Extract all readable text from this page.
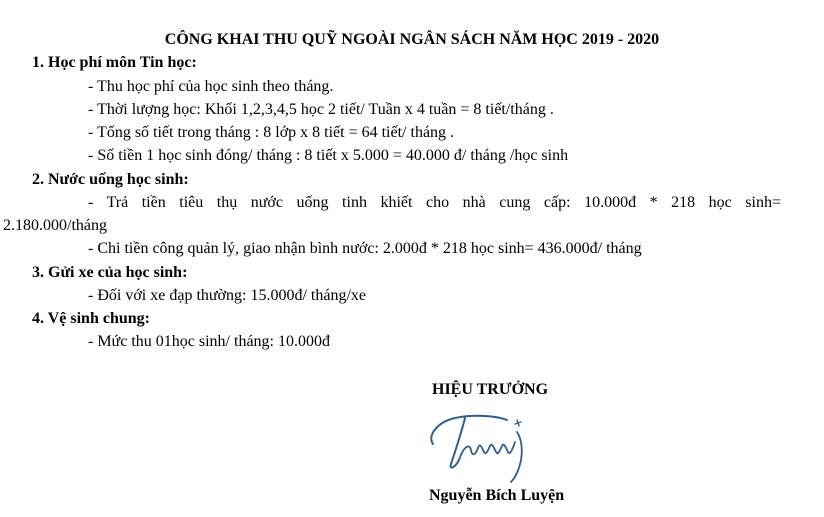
CÔNG KHAI THU QUỸ NGOÀI NGÂN SÁCH NĂM HỌC 2019 - 2020
1. Học phí môn Tin học:
- Thu học phí của học sinh theo tháng.
- Thời lượng học: Khối 1,2,3,4,5 học 2 tiết/ Tuần x 4 tuần = 8 tiết/tháng .
- Tổng số tiết trong tháng : 8 lớp x 8 tiết = 64 tiết/ tháng .
- Số tiền 1 học sinh đóng/ tháng : 8 tiết x 5.000 = 40.000 đ/ tháng /học sinh
2. Nước uống học sinh:
- Trả tiền tiêu thụ nước uống tinh khiết cho nhà cung cấp: 10.000đ * 218 học sinh=
2.180.000/tháng
- Chi tiền công quản lý, giao nhận bình nước: 2.000đ * 218 học sinh= 436.000đ/ tháng
3. Gửi xe của học sinh:
- Đối với xe đạp thường: 15.000đ/ tháng/xe
4. Vệ sinh chung:
- Mức thu 01học sinh/ tháng: 10.000đ
HIỆU TRƯỞNG
Nguyễn Bích Luyện
